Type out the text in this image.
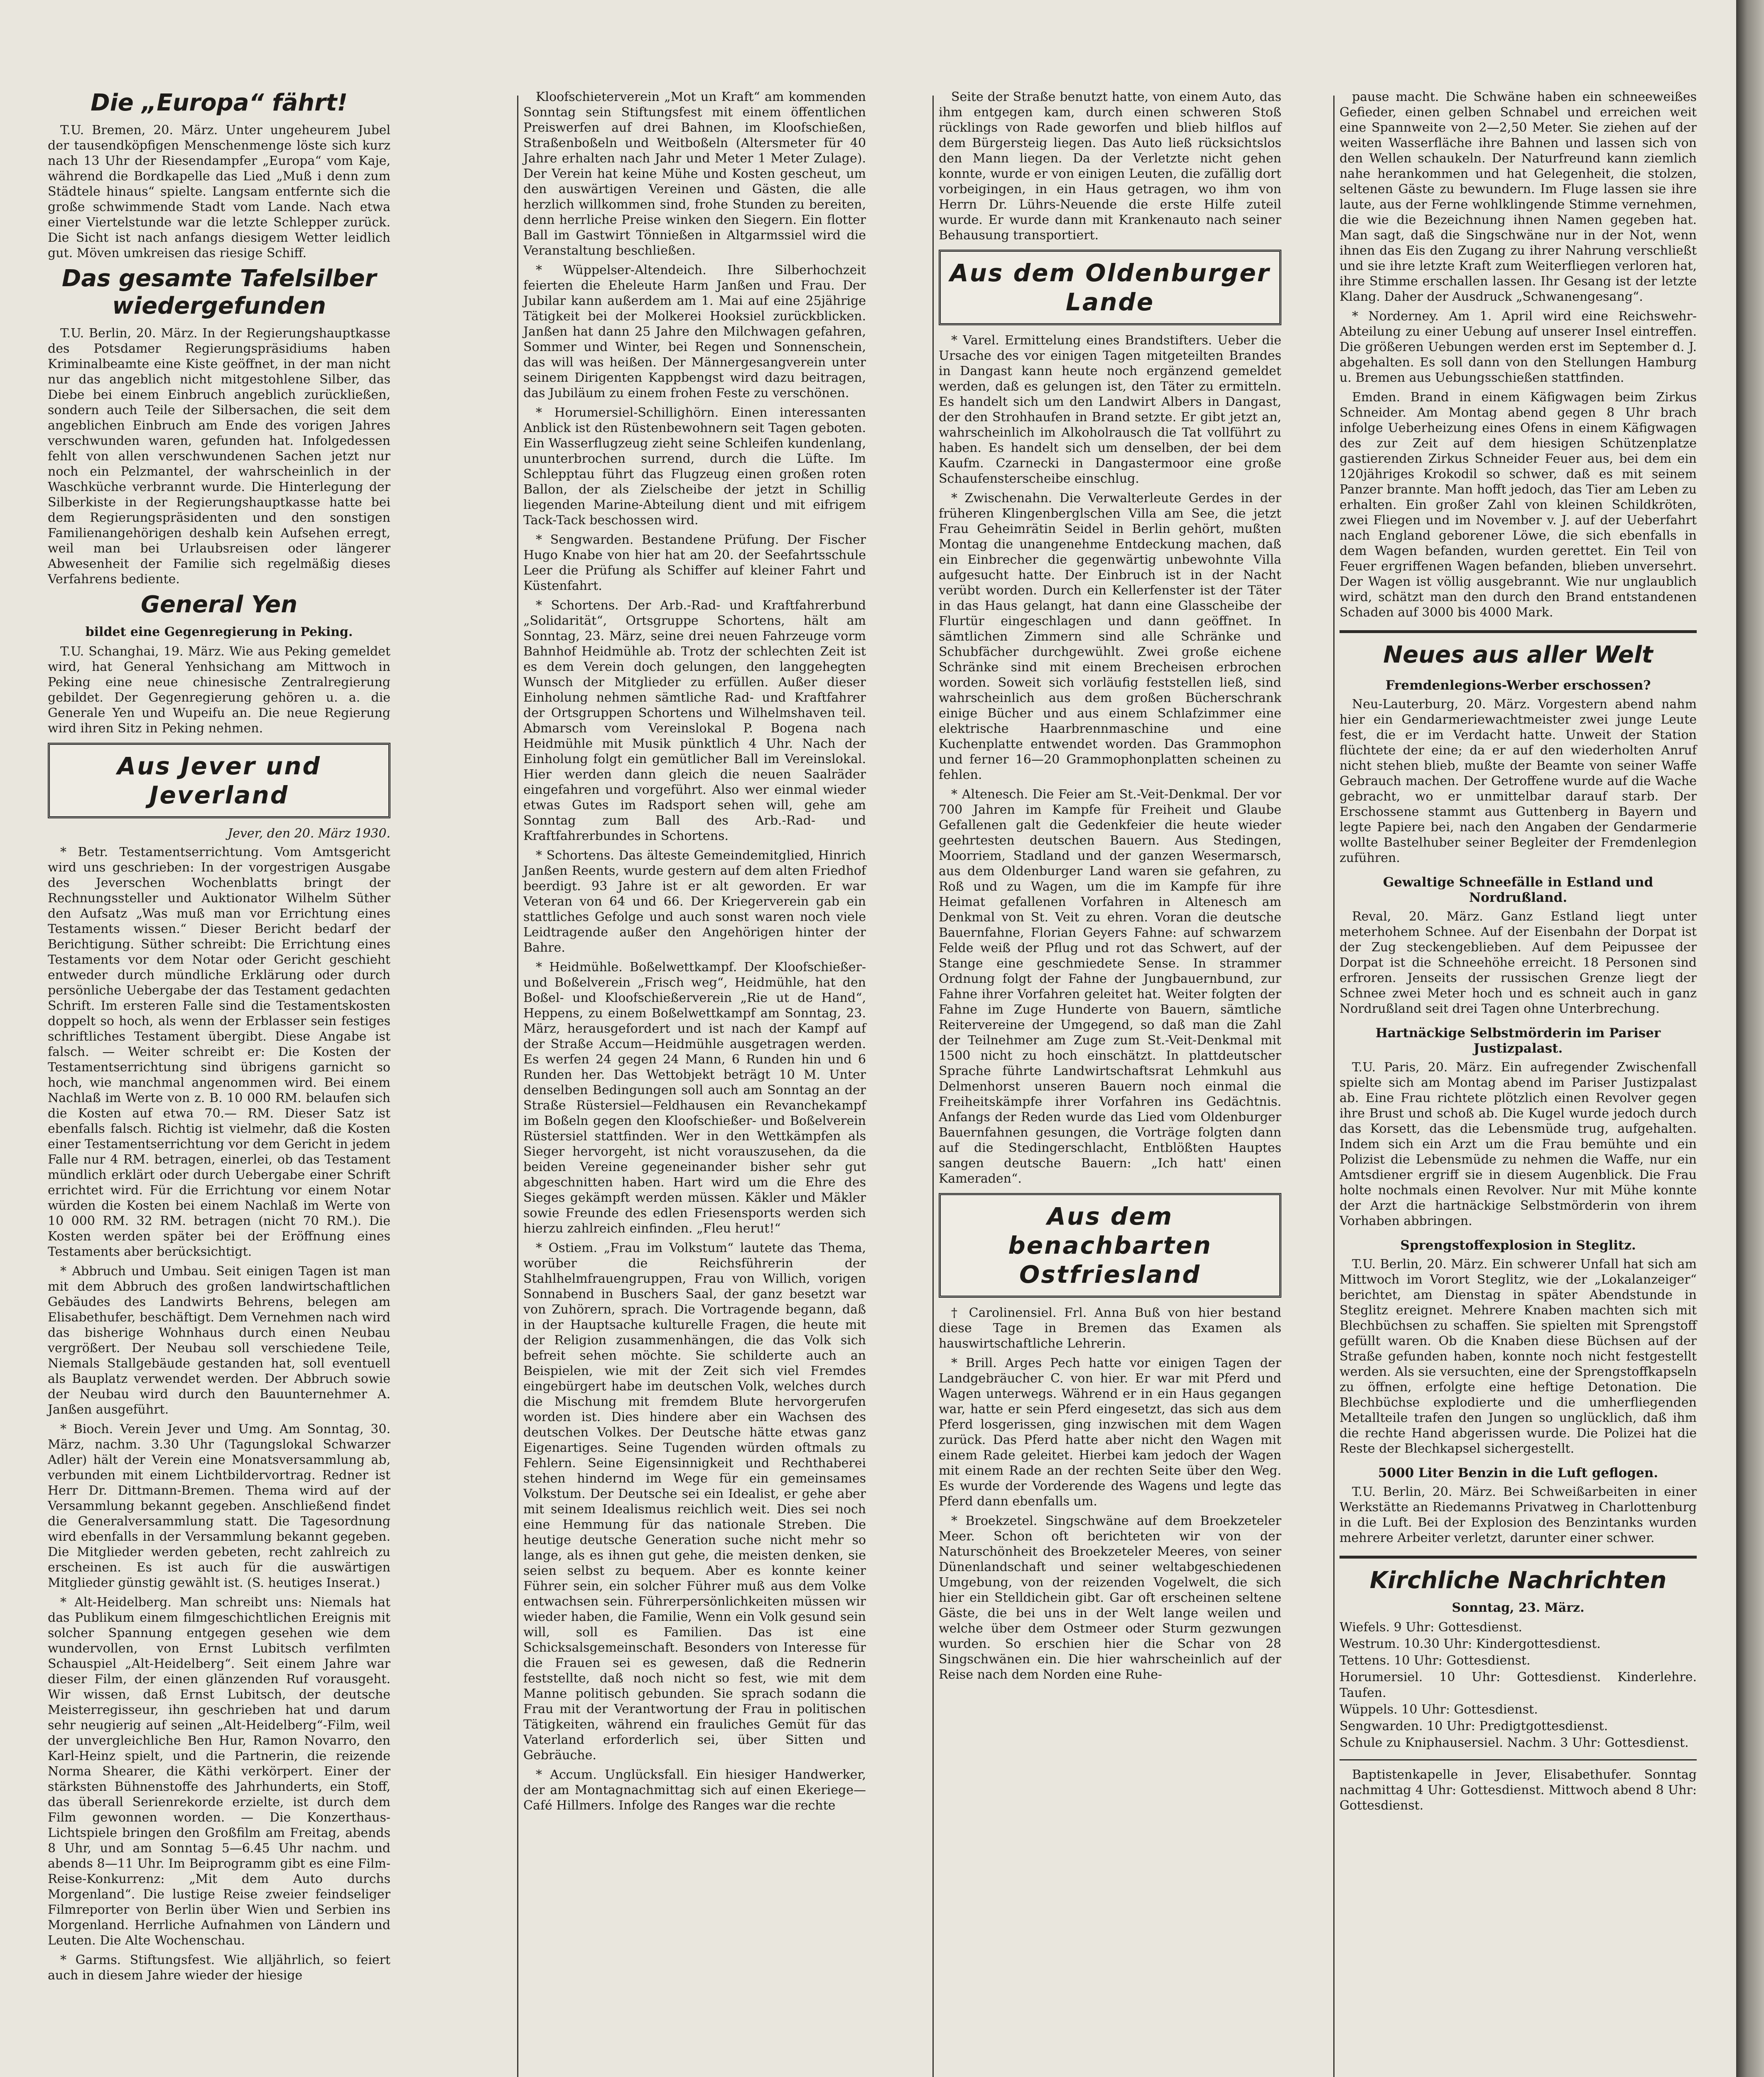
Die „Europa“ fährt!

T.U. Bremen, 20. März. Unter ungeheurem Jubel der tausendköpfigen Menschenmenge löste sich kurz nach 13 Uhr der Riesendampfer „Europa“ vom Kaje, während die Bordkapelle das Lied „Muß i denn zum Städtele hinaus“ spielte. Langsam entfernte sich die große schwimmende Stadt vom Lande. Nach etwa einer Viertelstunde war die letzte Schlepper zurück. Die Sicht ist nach anfangs diesigem Wetter leidlich gut. Möven umkreisen das riesige Schiff.

Das gesamte Tafelsilber wiedergefunden

T.U. Berlin, 20. März. In der Regierungshauptkasse des Potsdamer Regierungspräsidiums haben Kriminalbeamte eine Kiste geöffnet, in der man nicht nur das angeblich nicht mitgestohlene Silber, das Diebe bei einem Einbruch angeblich zurückließen, sondern auch Teile der Silbersachen, die seit dem angeblichen Einbruch am Ende des vorigen Jahres verschwunden waren, gefunden hat. Infolgedessen fehlt von allen verschwundenen Sachen jetzt nur noch ein Pelzmantel, der wahrscheinlich in der Waschküche verbrannt wurde. Die Hinterlegung der Silberkiste in der Regierungshauptkasse hatte bei dem Regierungspräsidenten und den sonstigen Familienangehörigen deshalb kein Aufsehen erregt, weil man bei Urlaubsreisen oder längerer Abwesenheit der Familie sich regelmäßig dieses Verfahrens bediente.

General Yen
bildet eine Gegenregierung in Peking.

T.U. Schanghai, 19. März. Wie aus Peking gemeldet wird, hat General Yenhsichang am Mittwoch in Peking eine neue chinesische Zentralregierung gebildet. Der Gegenregierung gehören u. a. die Generale Yen und Wupeifu an. Die neue Regierung wird ihren Sitz in Peking nehmen.

Aus Jever und Jeverland
Jever, den 20. März 1930.

* Betr. Testamentserrichtung. Vom Amtsgericht wird uns geschrieben: In der vorgestrigen Ausgabe des Jeverschen Wochenblatts bringt der Rechnungssteller und Auktionator Wilhelm Süther den Aufsatz „Was muß man vor Errichtung eines Testaments wissen.“ Dieser Bericht bedarf der Berichtigung. Süther schreibt: Die Errichtung eines Testaments vor dem Notar oder Gericht geschieht entweder durch mündliche Erklärung oder durch persönliche Uebergabe der das Testament gedachten Schrift. Im ersteren Falle sind die Testamentskosten doppelt so hoch, als wenn der Erblasser sein festiges schriftliches Testament übergibt. Diese Angabe ist falsch. — Weiter schreibt er: Die Kosten der Testamentserrichtung sind übrigens garnicht so hoch, wie manchmal angenommen wird. Bei einem Nachlaß im Werte von z. B. 10 000 RM. belaufen sich die Kosten auf etwa 70.— RM. Dieser Satz ist ebenfalls falsch. Richtig ist vielmehr, daß die Kosten einer Testamentserrichtung vor dem Gericht in jedem Falle nur 4 RM. betragen, einerlei, ob das Testament mündlich erklärt oder durch Uebergabe einer Schrift errichtet wird. Für die Errichtung vor einem Notar würden die Kosten bei einem Nachlaß im Werte von 10 000 RM. 32 RM. betragen (nicht 70 RM.). Die Kosten werden später bei der Eröffnung eines Testaments aber berücksichtigt.

* Abbruch und Umbau. Seit einigen Tagen ist man mit dem Abbruch des großen landwirtschaftlichen Gebäudes des Landwirts Behrens, belegen am Elisabethufer, beschäftigt. Dem Vernehmen nach wird das bisherige Wohnhaus durch einen Neubau vergrößert. Der Neubau soll verschiedene Teile, Niemals Stallgebäude gestanden hat, soll eventuell als Bauplatz verwendet werden. Der Abbruch sowie der Neubau wird durch den Bauunternehmer A. Janßen ausgeführt.

* Bioch. Verein Jever und Umg. Am Sonntag, 30. März, nachm. 3.30 Uhr (Tagungslokal Schwarzer Adler) hält der Verein eine Monatsversammlung ab, verbunden mit einem Lichtbildervortrag. Redner ist Herr Dr. Dittmann-Bremen. Thema wird auf der Versammlung bekannt gegeben. Anschließend findet die Generalversammlung statt. Die Tagesordnung wird ebenfalls in der Versammlung bekannt gegeben. Die Mitglieder werden gebeten, recht zahlreich zu erscheinen. Es ist auch für die auswärtigen Mitglieder günstig gewählt ist. (S. heutiges Inserat.)

* Alt-Heidelberg. Man schreibt uns: Niemals hat das Publikum einem filmgeschichtlichen Ereignis mit solcher Spannung entgegen gesehen wie dem wundervollen, von Ernst Lubitsch verfilmten Schauspiel „Alt-Heidelberg“. Seit einem Jahre war dieser Film, der einen glänzenden Ruf vorausgeht. Wir wissen, daß Ernst Lubitsch, der deutsche Meisterregisseur, ihn geschrieben hat und darum sehr neugierig auf seinen „Alt-Heidelberg“-Film, weil der unvergleichliche Ben Hur, Ramon Novarro, den Karl-Heinz spielt, und die Partnerin, die reizende Norma Shearer, die Käthi verkörpert. Einer der stärksten Bühnenstoffe des Jahrhunderts, ein Stoff, das überall Serienrekorde erzielte, ist durch dem Film gewonnen worden. — Die Konzerthaus-Lichtspiele bringen den Großfilm am Freitag, abends 8 Uhr, und am Sonntag 5—6.45 Uhr nachm. und abends 8—11 Uhr. Im Beiprogramm gibt es eine Film-Reise-Konkurrenz: „Mit dem Auto durchs Morgenland“. Die lustige Reise zweier feindseliger Filmreporter von Berlin über Wien und Serbien ins Morgenland. Herrliche Aufnahmen von Ländern und Leuten. Die Alte Wochenschau.

* Garms. Stiftungsfest. Wie alljährlich, so feiert auch in diesem Jahre wieder der hiesige

Kloofschieterverein „Mot un Kraft“ am kommenden Sonntag sein Stiftungsfest mit einem öffentlichen Preiswerfen auf drei Bahnen, im Kloofschießen, Straßenboßeln und Weitboßeln (Altersmeter für 40 Jahre erhalten nach Jahr und Meter 1 Meter Zulage). Der Verein hat keine Mühe und Kosten gescheut, um den auswärtigen Vereinen und Gästen, die alle herzlich willkommen sind, frohe Stunden zu bereiten, denn herrliche Preise winken den Siegern. Ein flotter Ball im Gastwirt Tönnießen in Altgarmssiel wird die Veranstaltung beschließen.

* Wüppelser-Altendeich. Ihre Silberhochzeit feierten die Eheleute Harm Janßen und Frau. Der Jubilar kann außerdem am 1. Mai auf eine 25jährige Tätigkeit bei der Molkerei Hooksiel zurückblicken. Janßen hat dann 25 Jahre den Milchwagen gefahren, Sommer und Winter, bei Regen und Sonnenschein, das will was heißen. Der Männergesangverein unter seinem Dirigenten Kappbengst wird dazu beitragen, das Jubiläum zu einem frohen Feste zu verschönen.

* Horumersiel-Schillighörn. Einen interessanten Anblick ist den Rüstenbewohnern seit Tagen geboten. Ein Wasserflugzeug zieht seine Schleifen kundenlang, ununterbrochen surrend, durch die Lüfte. Im Schlepptau führt das Flugzeug einen großen roten Ballon, der als Zielscheibe der jetzt in Schillig liegenden Marine-Abteilung dient und mit eifrigem Tack-Tack beschossen wird.

* Sengwarden. Bestandene Prüfung. Der Fischer Hugo Knabe von hier hat am 20. der Seefahrtsschule Leer die Prüfung als Schiffer auf kleiner Fahrt und Küstenfahrt.

* Schortens. Der Arb.-Rad- und Kraftfahrerbund „Solidarität“, Ortsgruppe Schortens, hält am Sonntag, 23. März, seine drei neuen Fahrzeuge vorm Bahnhof Heidmühle ab. Trotz der schlechten Zeit ist es dem Verein doch gelungen, den langgehegten Wunsch der Mitglieder zu erfüllen. Außer dieser Einholung nehmen sämtliche Rad- und Kraftfahrer der Ortsgruppen Schortens und Wilhelmshaven teil. Abmarsch vom Vereinslokal P. Bogena nach Heidmühle mit Musik pünktlich 4 Uhr. Nach der Einholung folgt ein gemütlicher Ball im Vereinslokal. Hier werden dann gleich die neuen Saalräder eingefahren und vorgeführt. Also wer einmal wieder etwas Gutes im Radsport sehen will, gehe am Sonntag zum Ball des Arb.-Rad- und Kraftfahrerbundes in Schortens.

* Schortens. Das älteste Gemeindemitglied, Hinrich Janßen Reents, wurde gestern auf dem alten Friedhof beerdigt. 93 Jahre ist er alt geworden. Er war Veteran von 64 und 66. Der Kriegerverein gab ein stattliches Gefolge und auch sonst waren noch viele Leidtragende außer den Angehörigen hinter der Bahre.

* Heidmühle. Boßelwettkampf. Der Kloofschießer- und Boßelverein „Frisch weg“, Heidmühle, hat den Boßel- und Kloofschießerverein „Rie ut de Hand“, Heppens, zu einem Boßelwettkampf am Sonntag, 23. März, herausgefordert und ist nach der Kampf auf der Straße Accum—Heidmühle ausgetragen werden. Es werfen 24 gegen 24 Mann, 6 Runden hin und 6 Runden her. Das Wettobjekt beträgt 10 M. Unter denselben Bedingungen soll auch am Sonntag an der Straße Rüstersiel—Feldhausen ein Revanchekampf im Boßeln gegen den Kloofschießer- und Boßelverein Rüstersiel stattfinden. Wer in den Wettkämpfen als Sieger hervorgeht, ist nicht vorauszusehen, da die beiden Vereine gegeneinander bisher sehr gut abgeschnitten haben. Hart wird um die Ehre des Sieges gekämpft werden müssen. Käkler und Mäkler sowie Freunde des edlen Friesensports werden sich hierzu zahlreich einfinden. „Fleu herut!“

* Ostiem. „Frau im Volkstum“ lautete das Thema, worüber die Reichsführerin der Stahlhelmfrauengruppen, Frau von Willich, vorigen Sonnabend in Buschers Saal, der ganz besetzt war von Zuhörern, sprach. Die Vortragende begann, daß in der Hauptsache kulturelle Fragen, die heute mit der Religion zusammenhängen, die das Volk sich befreit sehen möchte. Sie schilderte auch an Beispielen, wie mit der Zeit sich viel Fremdes eingebürgert habe im deutschen Volk, welches durch die Mischung mit fremdem Blute hervorgerufen worden ist. Dies hindere aber ein Wachsen des deutschen Volkes. Der Deutsche hätte etwas ganz Eigenartiges. Seine Tugenden würden oftmals zu Fehlern. Seine Eigensinnigkeit und Rechthaberei stehen hindernd im Wege für ein gemeinsames Volkstum. Der Deutsche sei ein Idealist, er gehe aber mit seinem Idealismus reichlich weit. Dies sei noch eine Hemmung für das nationale Streben. Die heutige deutsche Generation suche nicht mehr so lange, als es ihnen gut gehe, die meisten denken, sie seien selbst zu bequem. Aber es konnte keiner Führer sein, ein solcher Führer muß aus dem Volke entwachsen sein. Führerpersönlichkeiten müssen wir wieder haben, die Familie, Wenn ein Volk gesund sein will, soll es Familien. Das ist eine Schicksalsgemeinschaft. Besonders von Interesse für die Frauen sei es gewesen, daß die Rednerin feststellte, daß noch nicht so fest, wie mit dem Manne politisch gebunden. Sie sprach sodann die Frau mit der Verantwortung der Frau in politischen Tätigkeiten, während ein frauliches Gemüt für das Vaterland erforderlich sei, über Sitten und Gebräuche.

* Accum. Unglücksfall. Ein hiesiger Handwerker, der am Montagnachmittag sich auf einen Ekeriege—Café Hillmers. Infolge des Ranges war die rechte

Seite der Straße benutzt hatte, von einem Auto, das ihm entgegen kam, durch einen schweren Stoß rücklings von Rade geworfen und blieb hilflos auf dem Bürgersteig liegen. Das Auto ließ rücksichtslos den Mann liegen. Da der Verletzte nicht gehen konnte, wurde er von einigen Leuten, die zufällig dort vorbeigingen, in ein Haus getragen, wo ihm von Herrn Dr. Lührs-Neuende die erste Hilfe zuteil wurde. Er wurde dann mit Krankenauto nach seiner Behausung transportiert.

Aus dem Oldenburger Lande

* Varel. Ermittelung eines Brandstifters. Ueber die Ursache des vor einigen Tagen mitgeteilten Brandes in Dangast kann heute noch ergänzend gemeldet werden, daß es gelungen ist, den Täter zu ermitteln. Es handelt sich um den Landwirt Albers in Dangast, der den Strohhaufen in Brand setzte. Er gibt jetzt an, wahrscheinlich im Alkoholrausch die Tat vollführt zu haben. Es handelt sich um denselben, der bei dem Kaufm. Czarnecki in Dangastermoor eine große Schaufensterscheibe einschlug.

* Zwischenahn. Die Verwalterleute Gerdes in der früheren Klingenberglschen Villa am See, die jetzt Frau Geheimrätin Seidel in Berlin gehört, mußten Montag die unangenehme Entdeckung machen, daß ein Einbrecher die gegenwärtig unbewohnte Villa aufgesucht hatte. Der Einbruch ist in der Nacht verübt worden. Durch ein Kellerfenster ist der Täter in das Haus gelangt, hat dann eine Glasscheibe der Flurtür eingeschlagen und dann geöffnet. In sämtlichen Zimmern sind alle Schränke und Schubfächer durchgewühlt. Zwei große eichene Schränke sind mit einem Brecheisen erbrochen worden. Soweit sich vorläufig feststellen ließ, sind wahrscheinlich aus dem großen Bücherschrank einige Bücher und aus einem Schlafzimmer eine elektrische Haarbrennmaschine und eine Kuchenplatte entwendet worden. Das Grammophon und ferner 16—20 Grammophonplatten scheinen zu fehlen.

* Altenesch. Die Feier am St.-Veit-Denkmal. Der vor 700 Jahren im Kampfe für Freiheit und Glaube Gefallenen galt die Gedenkfeier die heute wieder geehrtesten deutschen Bauern. Aus Stedingen, Moorriem, Stadland und der ganzen Wesermarsch, aus dem Oldenburger Land waren sie gefahren, zu Roß und zu Wagen, um die im Kampfe für ihre Heimat gefallenen Vorfahren in Altenesch am Denkmal von St. Veit zu ehren. Voran die deutsche Bauernfahne, Florian Geyers Fahne: auf schwarzem Felde weiß der Pflug und rot das Schwert, auf der Stange eine geschmiedete Sense. In strammer Ordnung folgt der Fahne der Jungbauernbund, zur Fahne ihrer Vorfahren geleitet hat. Weiter folgten der Fahne im Zuge Hunderte von Bauern, sämtliche Reitervereine der Umgegend, so daß man die Zahl der Teilnehmer am Zuge zum St.-Veit-Denkmal mit 1500 nicht zu hoch einschätzt. In plattdeutscher Sprache führte Landwirtschaftsrat Lehmkuhl aus Delmenhorst unseren Bauern noch einmal die Freiheitskämpfe ihrer Vorfahren ins Gedächtnis. Anfangs der Reden wurde das Lied vom Oldenburger Bauernfahnen gesungen, die Vorträge folgten dann auf die Stedingerschlacht, Entblößten Hauptes sangen deutsche Bauern: „Ich hatt' einen Kameraden“.

Aus dem benachbarten Ostfriesland

† Carolinensiel. Frl. Anna Buß von hier bestand diese Tage in Bremen das Examen als hauswirtschaftliche Lehrerin.

* Brill. Arges Pech hatte vor einigen Tagen der Landgebräucher C. von hier. Er war mit Pferd und Wagen unterwegs. Während er in ein Haus gegangen war, hatte er sein Pferd eingesetzt, das sich aus dem Pferd losgerissen, ging inzwischen mit dem Wagen zurück. Das Pferd hatte aber nicht den Wagen mit einem Rade geleitet. Hierbei kam jedoch der Wagen mit einem Rade an der rechten Seite über den Weg. Es wurde der Vorderende des Wagens und legte das Pferd dann ebenfalls um.

* Broekzetel. Singschwäne auf dem Broekzeteler Meer. Schon oft berichteten wir von der Naturschönheit des Broekzeteler Meeres, von seiner Dünenlandschaft und seiner weltabgeschiedenen Umgebung, von der reizenden Vogelwelt, die sich hier ein Stelldichein gibt. Gar oft erscheinen seltene Gäste, die bei uns in der Welt lange weilen und welche über dem Ostmeer oder Sturm gezwungen wurden. So erschien hier die Schar von 28 Singschwänen ein. Die hier wahrscheinlich auf der Reise nach dem Norden eine Ruhe-

pause macht. Die Schwäne haben ein schneeweißes Gefieder, einen gelben Schnabel und erreichen weit eine Spannweite von 2—2,50 Meter. Sie ziehen auf der weiten Wasserfläche ihre Bahnen und lassen sich von den Wellen schaukeln. Der Naturfreund kann ziemlich nahe herankommen und hat Gelegenheit, die stolzen, seltenen Gäste zu bewundern. Im Fluge lassen sie ihre laute, aus der Ferne wohlklingende Stimme vernehmen, die wie die Bezeichnung ihnen Namen gegeben hat. Man sagt, daß die Singschwäne nur in der Not, wenn ihnen das Eis den Zugang zu ihrer Nahrung verschließt und sie ihre letzte Kraft zum Weiterfliegen verloren hat, ihre Stimme erschallen lassen. Ihr Gesang ist der letzte Klang. Daher der Ausdruck „Schwanengesang“.

* Norderney. Am 1. April wird eine Reichswehr-Abteilung zu einer Uebung auf unserer Insel eintreffen. Die größeren Uebungen werden erst im September d. J. abgehalten. Es soll dann von den Stellungen Hamburg u. Bremen aus Uebungsschießen stattfinden.

Emden. Brand in einem Käfigwagen beim Zirkus Schneider. Am Montag abend gegen 8 Uhr brach infolge Ueberheizung eines Ofens in einem Käfigwagen des zur Zeit auf dem hiesigen Schützenplatze gastierenden Zirkus Schneider Feuer aus, bei dem ein 120jähriges Krokodil so schwer, daß es mit seinem Panzer brannte. Man hofft jedoch, das Tier am Leben zu erhalten. Ein großer Zahl von kleinen Schildkröten, zwei Fliegen und im November v. J. auf der Ueberfahrt nach England geborener Löwe, die sich ebenfalls in dem Wagen befanden, wurden gerettet. Ein Teil von Feuer ergriffenen Wagen befanden, blieben unversehrt. Der Wagen ist völlig ausgebrannt. Wie nur unglaublich wird, schätzt man den durch den Brand entstandenen Schaden auf 3000 bis 4000 Mark.

Neues aus aller Welt
Fremdenlegions-Werber erschossen?

Neu-Lauterburg, 20. März. Vorgestern abend nahm hier ein Gendarmeriewachtmeister zwei junge Leute fest, die er im Verdacht hatte. Unweit der Station flüchtete der eine; da er auf den wiederholten Anruf nicht stehen blieb, mußte der Beamte von seiner Waffe Gebrauch machen. Der Getroffene wurde auf die Wache gebracht, wo er unmittelbar darauf starb. Der Erschossene stammt aus Guttenberg in Bayern und legte Papiere bei, nach den Angaben der Gendarmerie wollte Bastelhuber seiner Begleiter der Fremdenlegion zuführen.

Gewaltige Schneefälle in Estland und Nordrußland.

Reval, 20. März. Ganz Estland liegt unter meterhohem Schnee. Auf der Eisenbahn der Dorpat ist der Zug steckengeblieben. Auf dem Peipussee der Dorpat ist die Schneehöhe erreicht. 18 Personen sind erfroren. Jenseits der russischen Grenze liegt der Schnee zwei Meter hoch und es schneit auch in ganz Nordrußland seit drei Tagen ohne Unterbrechung.

Hartnäckige Selbstmörderin im Pariser Justizpalast.

T.U. Paris, 20. März. Ein aufregender Zwischenfall spielte sich am Montag abend im Pariser Justizpalast ab. Eine Frau richtete plötzlich einen Revolver gegen ihre Brust und schoß ab. Die Kugel wurde jedoch durch das Korsett, das die Lebensmüde trug, aufgehalten. Indem sich ein Arzt um die Frau bemühte und ein Polizist die Lebensmüde zu nehmen die Waffe, nur ein Amtsdiener ergriff sie in diesem Augenblick. Die Frau holte nochmals einen Revolver. Nur mit Mühe konnte der Arzt die hartnäckige Selbstmörderin von ihrem Vorhaben abbringen.

Sprengstoffexplosion in Steglitz.

T.U. Berlin, 20. März. Ein schwerer Unfall hat sich am Mittwoch im Vorort Steglitz, wie der „Lokalanzeiger“ berichtet, am Dienstag in später Abendstunde in Steglitz ereignet. Mehrere Knaben machten sich mit Blechbüchsen zu schaffen. Sie spielten mit Sprengstoff gefüllt waren. Ob die Knaben diese Büchsen auf der Straße gefunden haben, konnte noch nicht festgestellt werden. Als sie versuchten, eine der Sprengstoffkapseln zu öffnen, erfolgte eine heftige Detonation. Die Blechbüchse explodierte und die umherfliegenden Metallteile trafen den Jungen so unglücklich, daß ihm die rechte Hand abgerissen wurde. Die Polizei hat die Reste der Blechkapsel sichergestellt.

5000 Liter Benzin in die Luft geflogen.

T.U. Berlin, 20. März. Bei Schweißarbeiten in einer Werkstätte an Riedemanns Privatweg in Charlottenburg in die Luft. Bei der Explosion des Benzintanks wurden mehrere Arbeiter verletzt, darunter einer schwer.

Kirchliche Nachrichten
Sonntag, 23. März.
Wiefels. 9 Uhr: Gottesdienst.
Westrum. 10.30 Uhr: Kindergottesdienst.
Tettens. 10 Uhr: Gottesdienst.
Horumersiel. 10 Uhr: Gottesdienst. Kinderlehre. Taufen.
Wüppels. 10 Uhr: Gottesdienst.
Sengwarden. 10 Uhr: Predigtgottesdienst.
Schule zu Kniphausersiel. Nachm. 3 Uhr: Gottesdienst.

Baptistenkapelle in Jever, Elisabethufer. Sonntag nachmittag 4 Uhr: Gottesdienst. Mittwoch abend 8 Uhr: Gottesdienst.
